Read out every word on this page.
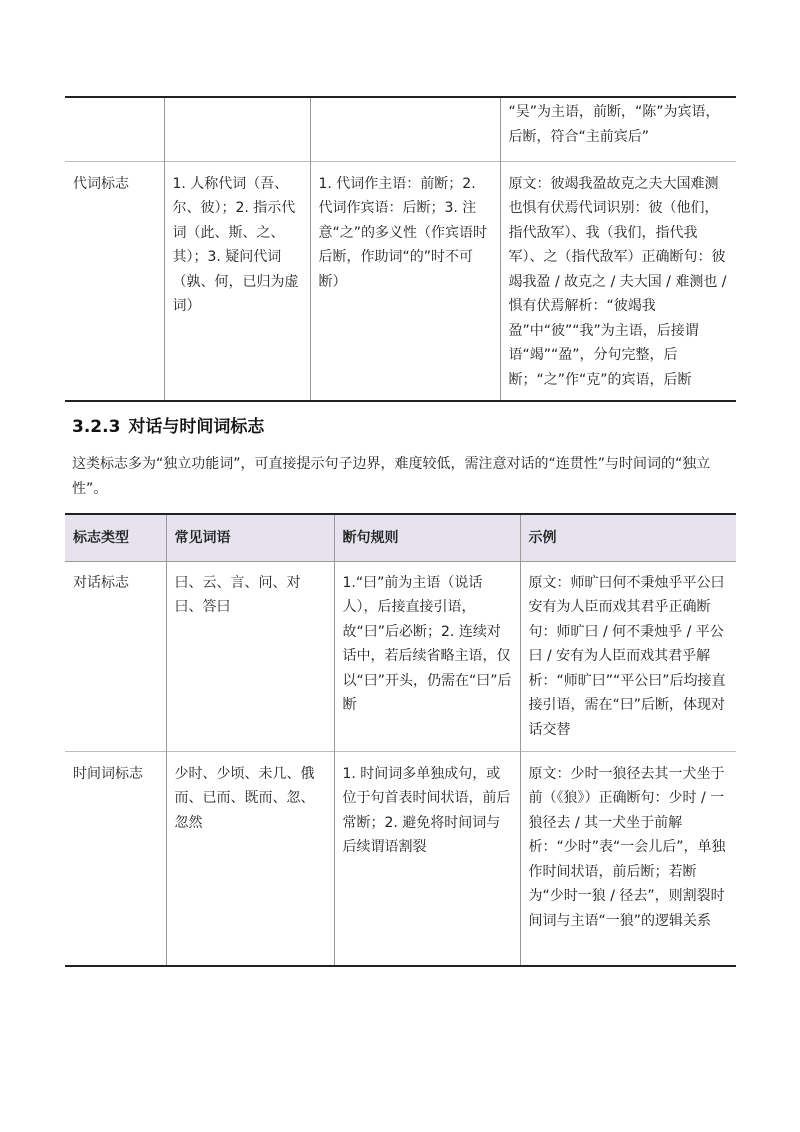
			“吴”为主语，前断，“陈”为宾语，后断，符合“主前宾后”
代词标志	1. 人称代词（吾、尔、彼）；2. 指示代词（此、斯、之、其）；3. 疑问代词（孰、何，已归为虚词）	1. 代词作主语：前断；2. 代词作宾语：后断；3. 注意“之”的多义性（作宾语时后断，作助词“的”时不可断）	原文：彼竭我盈故克之夫大国难测也惧有伏焉代词识别：彼（他们，指代敌军）、我（我们，指代我军）、之（指代敌军）正确断句：彼竭我盈 / 故克之 / 夫大国 / 难测也 / 惧有伏焉解析：“彼竭我盈”中“彼”“我”为主语，后接谓语“竭”“盈”，分句完整，后断；“之”作“克”的宾语，后断
3.2.3 对话与时间词标志

这类标志多为“独立功能词”，可直接提示句子边界，难度较低，需注意对话的“连贯性”与时间词的“独立性”。

标志类型	常见词语	断句规则	示例
对话标志	曰、云、言、问、对曰、答曰	1.“曰”前为主语（说话人），后接直接引语，故“曰”后必断；2. 连续对话中，若后续省略主语，仅以“曰”开头，仍需在“曰”后断	原文：师旷曰何不秉烛乎平公曰安有为人臣而戏其君乎正确断句：师旷曰 / 何不秉烛乎 / 平公曰 / 安有为人臣而戏其君乎解析：“师旷曰”“平公曰”后均接直接引语，需在“曰”后断，体现对话交替
时间词标志	少时、少顷、未几、俄而、已而、既而、忽、忽然	1. 时间词多单独成句，或位于句首表时间状语，前后常断；2. 避免将时间词与后续谓语割裂	原文：少时一狼径去其一犬坐于前（《狼》）正确断句：少时 / 一狼径去 / 其一犬坐于前解析：“少时”表“一会儿后”，单独作时间状语，前后断；若断为“少时一狼 / 径去”，则割裂时间词与主语“一狼”的逻辑关系
